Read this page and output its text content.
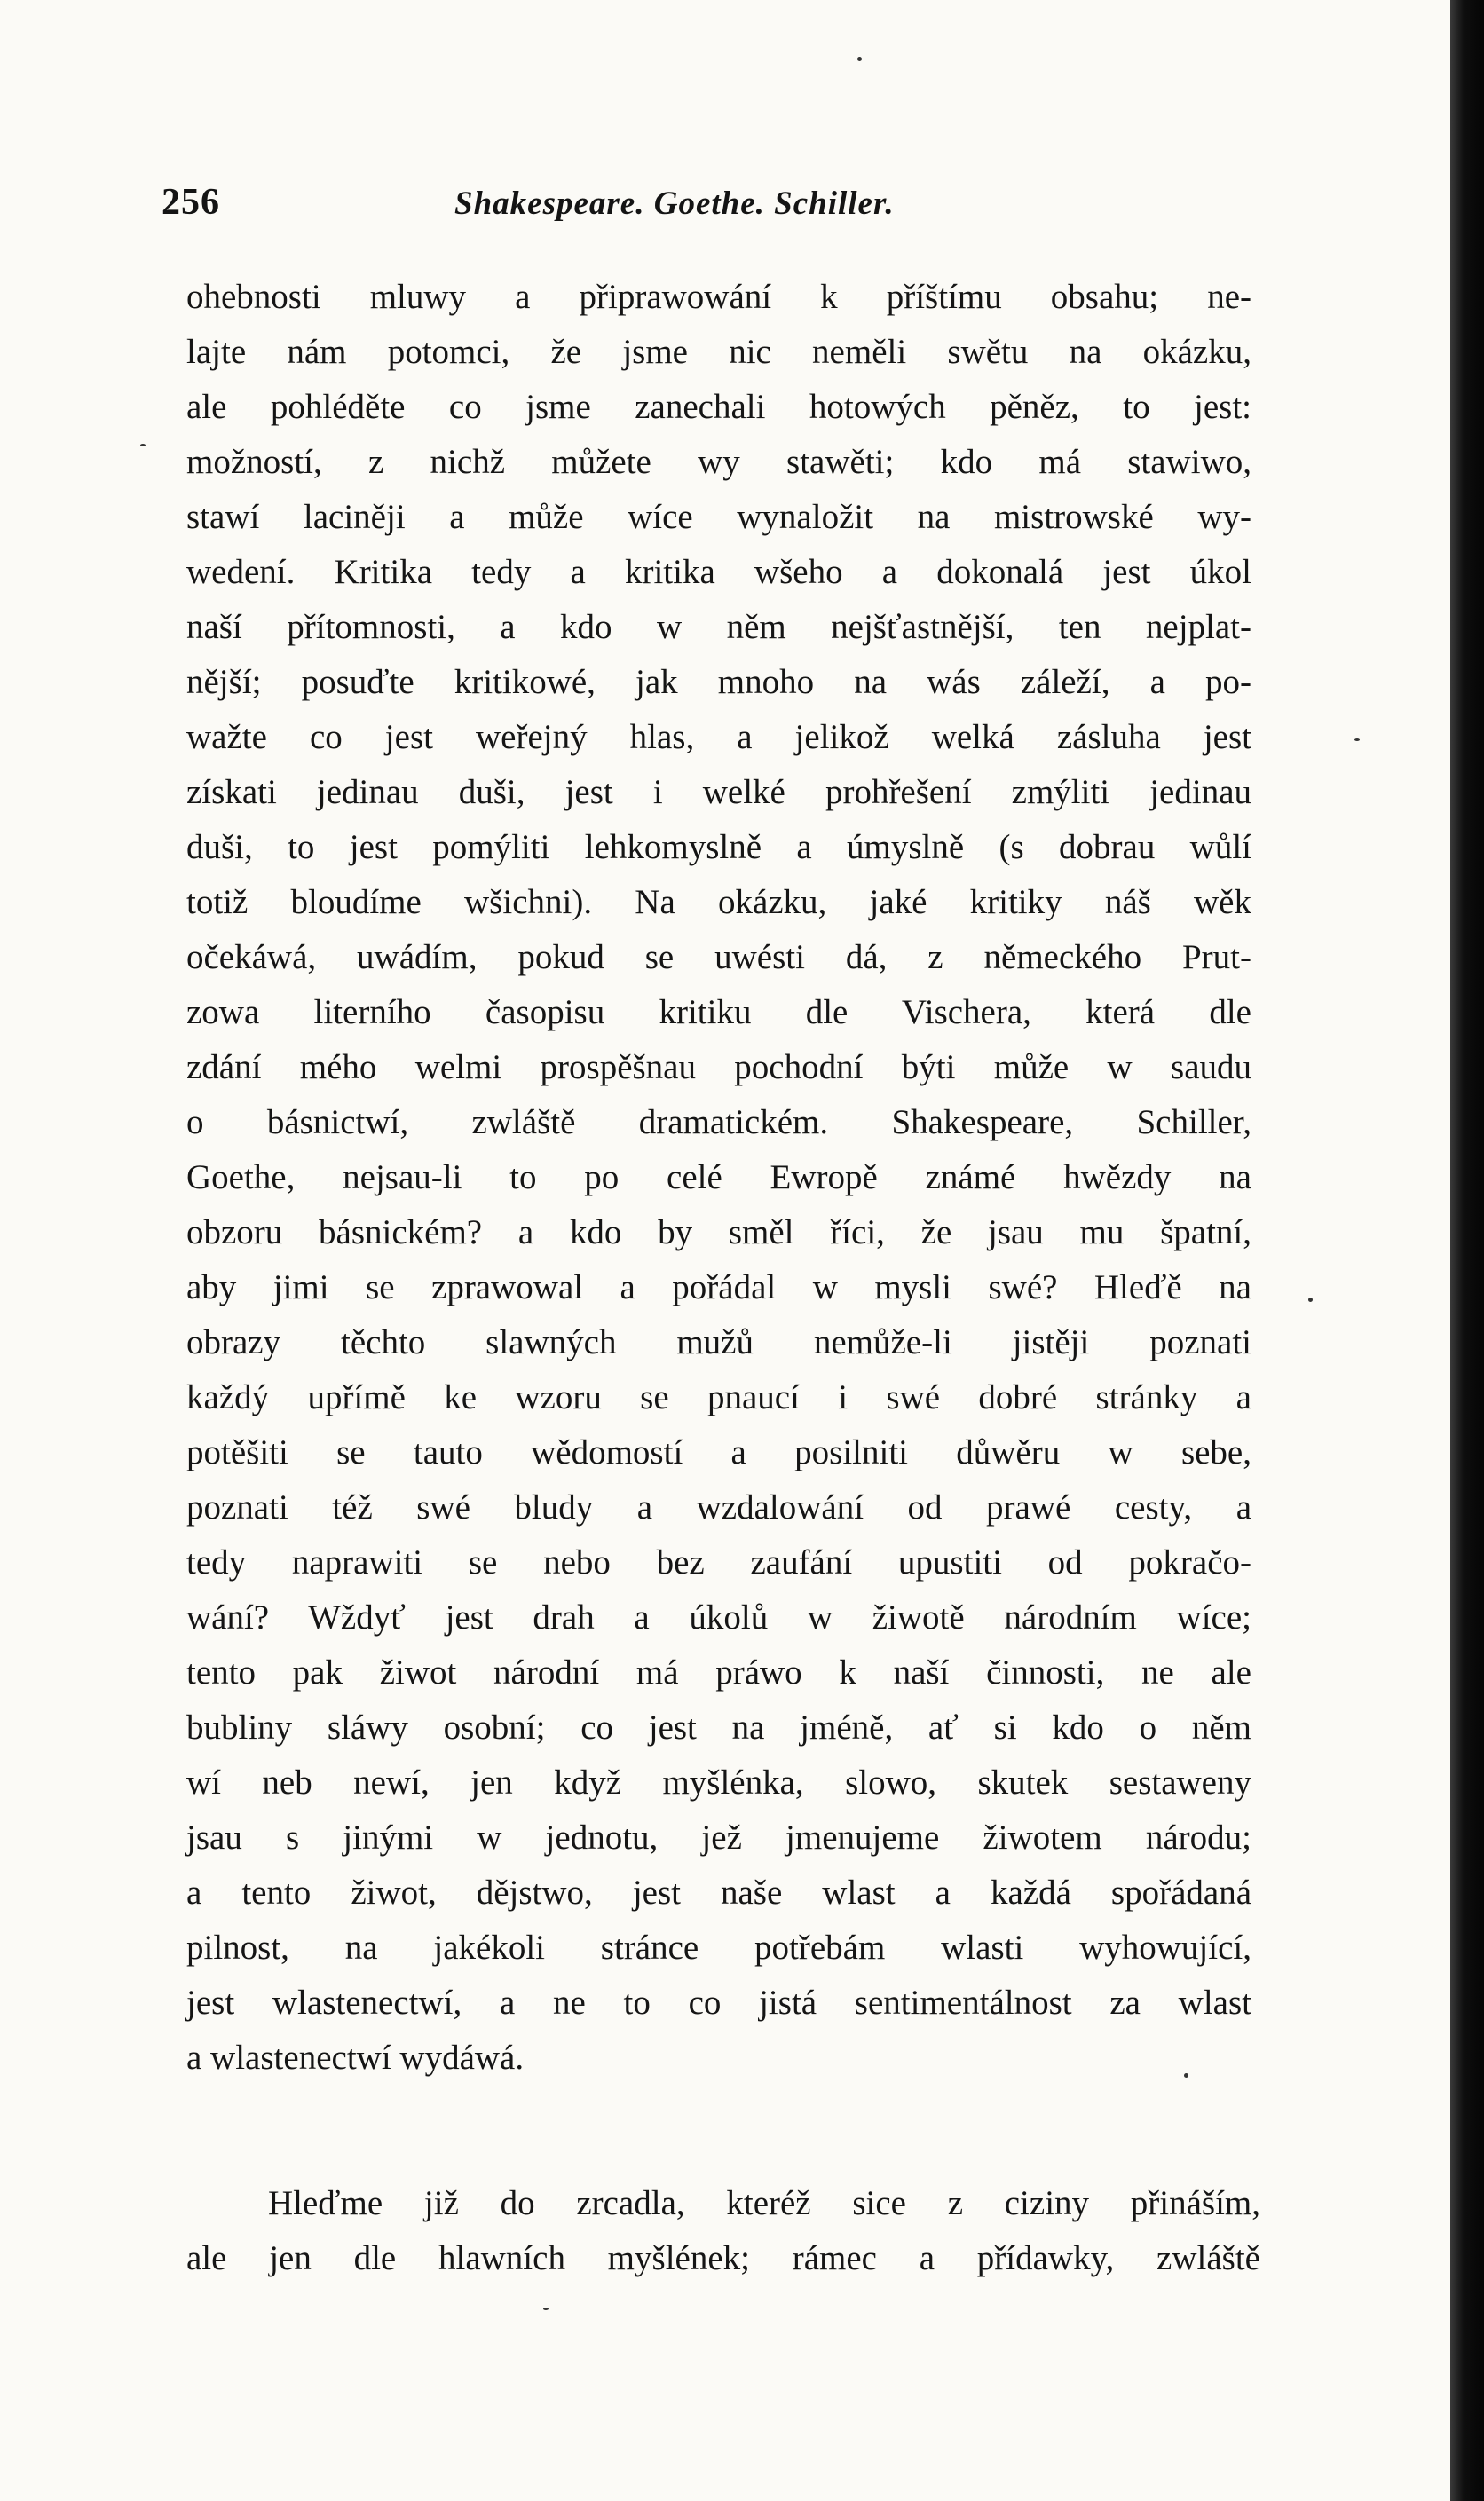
256	Shakespeare. Goethe. Schiller.
ohebnosti mluwy a připrawowání k příštímu obsahu; ne-
lajte nám potomci, že jsme nic neměli swětu na okázku,
ale pohléděte co jsme zanechali hotowých pěněz, to jest:
možností, z nichž můžete wy stawěti; kdo má stawiwo,
stawí laciněji a může wíce wynaložit na mistrowské wy-
wedení. Kritika tedy a kritika wšeho a dokonalá jest úkol
naší přítomnosti, a kdo w něm nejšťastnější, ten nejplat-
nější; posuďte kritikowé, jak mnoho na wás záleží, a po-
wažte co jest weřejný hlas, a jelikož welká zásluha jest
získati jedinau duši, jest i welké prohřešení zmýliti jedinau
duši, to jest pomýliti lehkomyslně a úmyslně (s dobrau wůlí
totiž bloudíme wšichni). Na okázku, jaké kritiky náš wěk
očekáwá, uwádím, pokud se uwésti dá, z německého Prut-
zowa literního časopisu kritiku dle Vischera, která dle
zdání mého welmi prospěšnau pochodní býti může w saudu
o básnictwí, zwláště dramatickém. Shakespeare, Schiller,
Goethe, nejsau-li to po celé Ewropě známé hwězdy na
obzoru básnickém? a kdo by směl říci, že jsau mu špatní,
aby jimi se zprawowal a pořádal w mysli swé? Hleďě na
obrazy těchto slawných mužů nemůže-li jistěji poznati
každý upřímě ke wzoru se pnaucí i swé dobré stránky a
potěšiti se tauto wědomostí a posilniti důwěru w sebe,
poznati též swé bludy a wzdalowání od prawé cesty, a
tedy naprawiti se nebo bez zaufání upustiti od pokračo-
wání? Wždyť jest drah a úkolů w žiwotě národním wíce;
tento pak žiwot národní má práwo k naší činnosti, ne ale
bubliny sláwy osobní; co jest na jméně, ať si kdo o něm
wí neb newí, jen když myšlénka, slowo, skutek sestaweny
jsau s jinými w jednotu, jež jmenujeme žiwotem národu;
a tento žiwot, dějstwo, jest naše wlast a každá spořádaná
pilnost, na jakékoli stránce potřebám wlasti wyhowující,
jest wlastenectwí, a ne to co jistá sentimentálnost za wlast
a wlastenectwí wydáwá.
Hleďme již do zrcadla, kteréž sice z ciziny přináším,
ale jen dle hlawních myšlének; rámec a přídawky, zwláště
